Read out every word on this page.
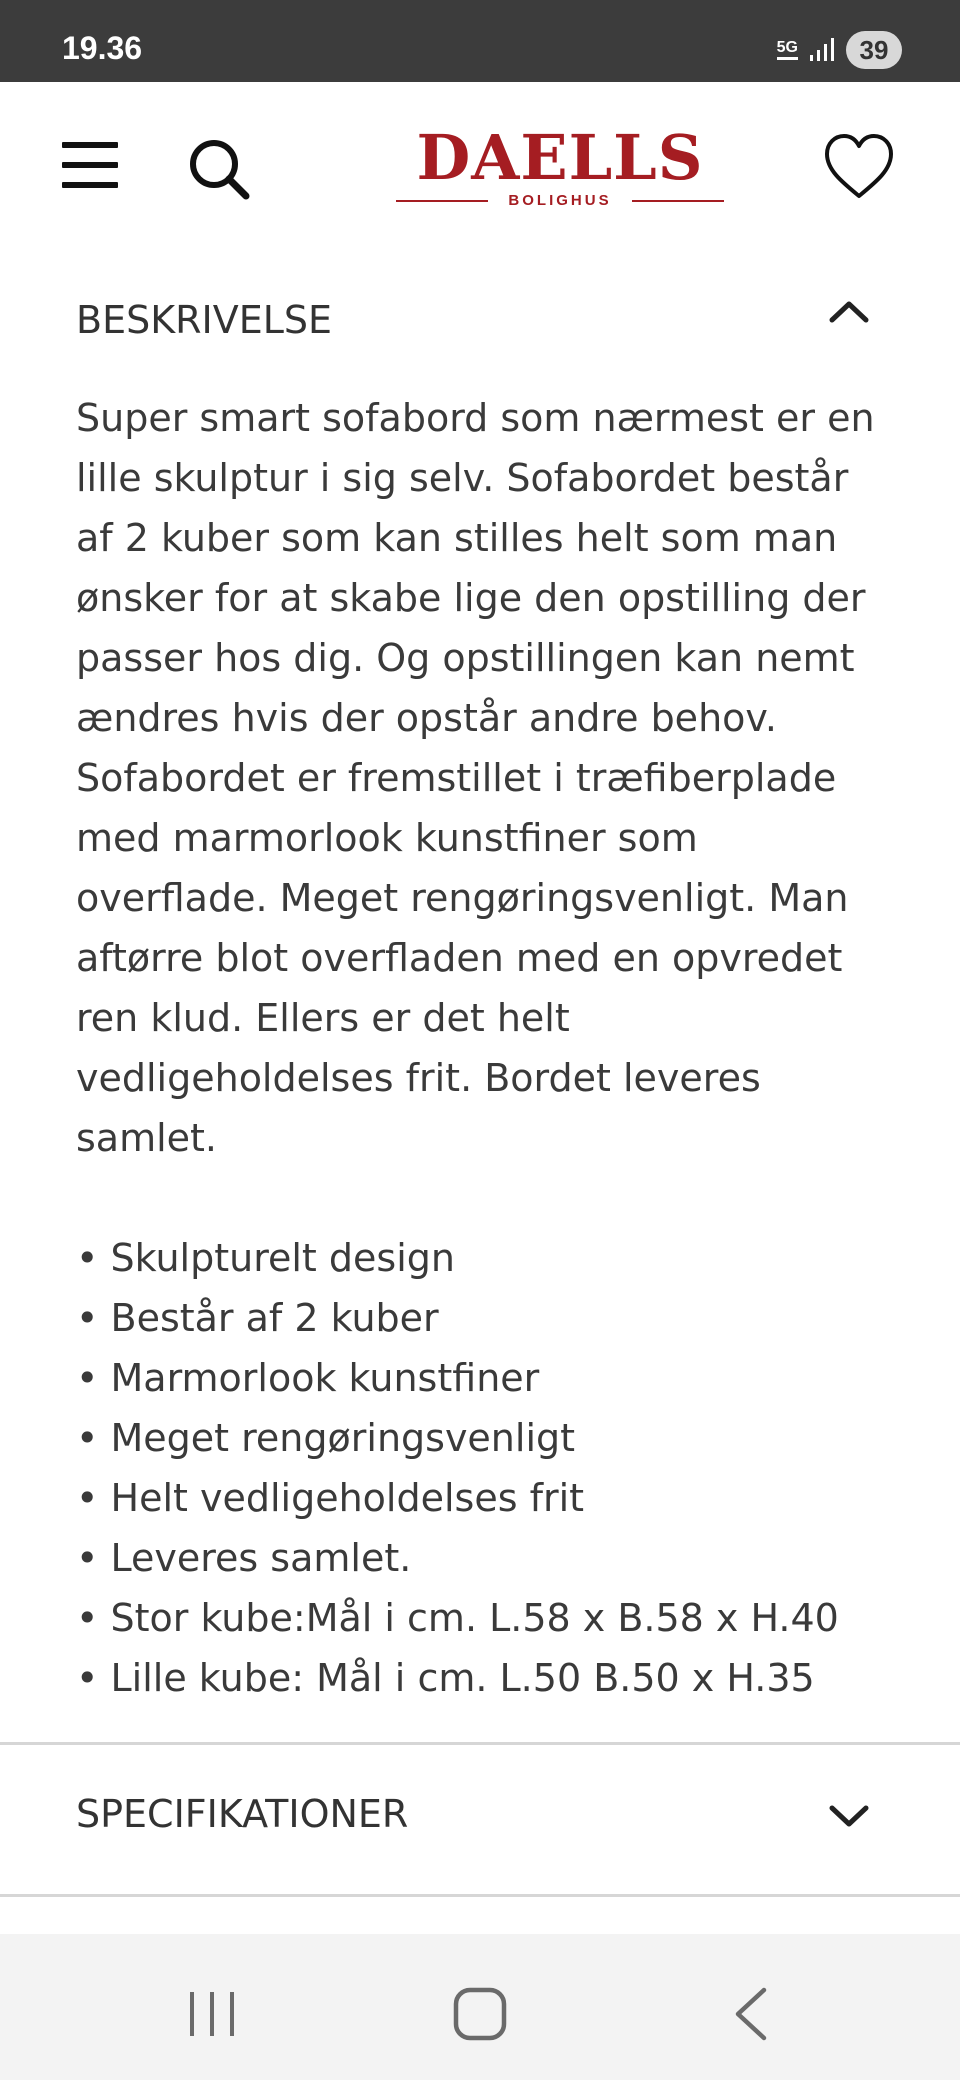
19.36	5G	39
DAELLS
BOLIGHUS
BESKRIVELSE

Super smart sofabord som nærmest er en lille skulptur i sig selv. Sofabordet består af 2 kuber som kan stilles helt som man ønsker for at skabe lige den opstilling der passer hos dig. Og opstillingen kan nemt ændres hvis der opstår andre behov. Sofabordet er fremstillet i træfiberplade med marmorlook kunstfiner som overflade. Meget rengøringsvenligt. Man aftørre blot overfladen med en opvredet ren klud. Ellers er det helt vedligeholdelses frit. Bordet leveres samlet.

• Skulpturelt design
• Består af 2 kuber
• Marmorlook kunstfiner
• Meget rengøringsvenligt
• Helt vedligeholdelses frit
• Leveres samlet.
• Stor kube:Mål i cm. L.58 x B.58 x H.40
• Lille kube: Mål i cm. L.50 B.50 x H.35
SPECIFIKATIONER
